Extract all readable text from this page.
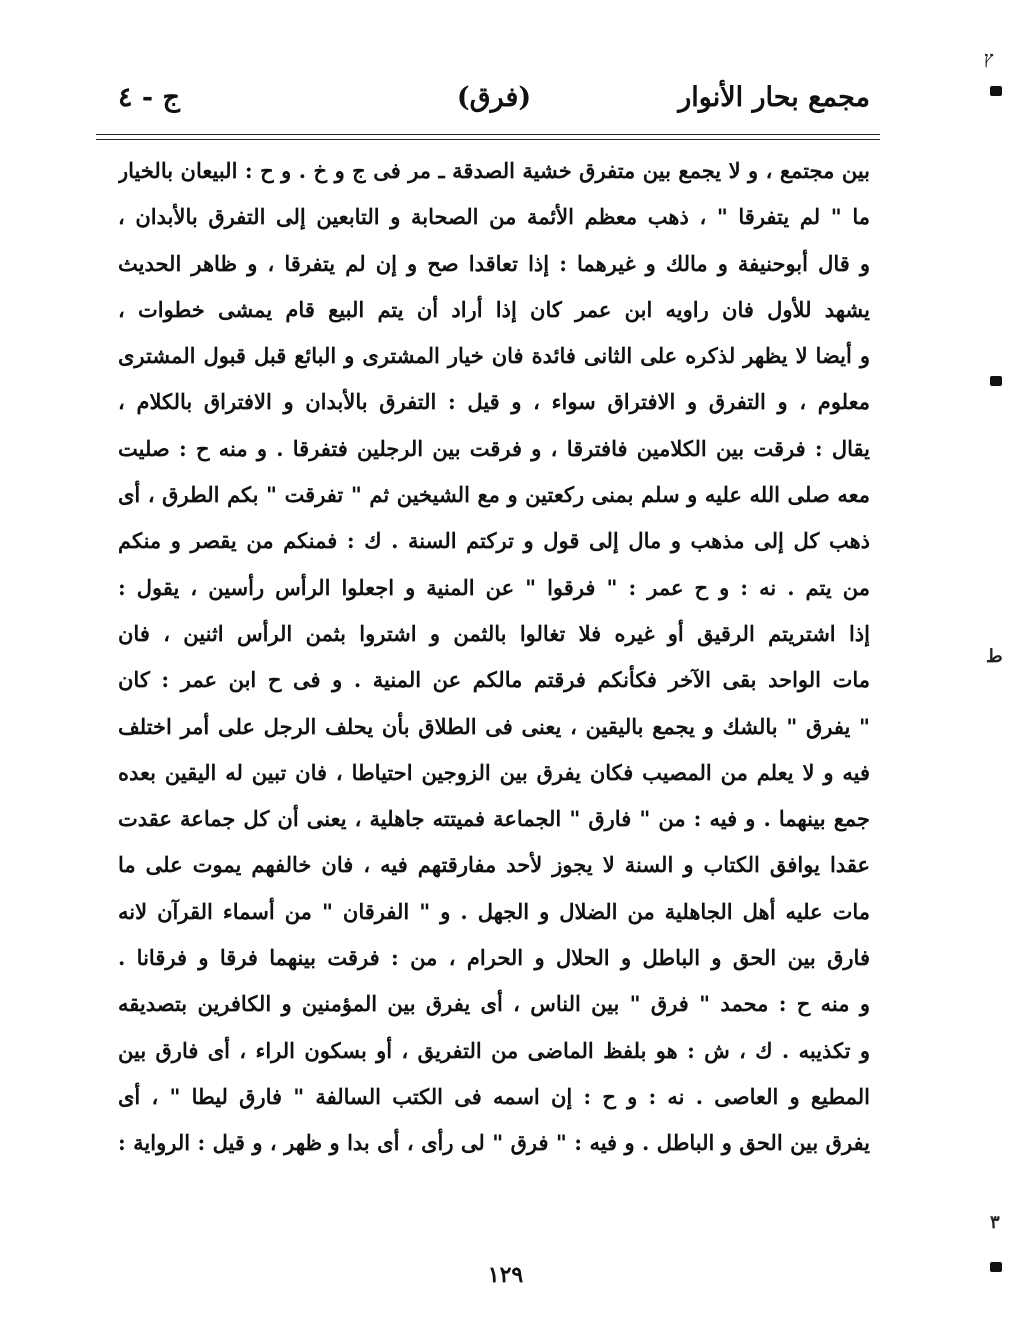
مجمع بحار الأنوار
(فرق)
ج - ٤
بين مجتمع ، و لا يجمع بين متفرق خشية الصدقة ـ مر فى ج و خ . و ح : البيعان بالخيار
ما " لم يتفرقا " ، ذهب معظم الأئمة من الصحابة و التابعين إلى التفرق بالأبدان ،
و قال أبوحنيفة و مالك و غيرهما : إذا تعاقدا صح و إن لم يتفرقا ، و ظاهر الحديث
يشهد للأول فان راويه ابن عمر كان إذا أراد أن يتم البيع قام يمشى خطوات ،
و أيضا لا يظهر لذكره على الثانى فائدة فان خيار المشترى و البائع قبل قبول المشترى
معلوم ، و التفرق و الافتراق سواء ، و قيل : التفرق بالأبدان و الافتراق بالكلام ،
يقال : فرقت بين الكلامين فافترقا ، و فرقت بين الرجلين فتفرقا . و منه ح : صليت
معه صلى الله عليه و سلم بمنى ركعتين و مع الشيخين ثم " تفرقت " بكم الطرق ، أى
ذهب كل إلى مذهب و مال إلى قول و تركتم السنة . ك : فمنكم من يقصر و منكم
من يتم . نه : و ح عمر : " فرقوا " عن المنية و اجعلوا الرأس رأسين ، يقول :
إذا اشتريتم الرقيق أو غيره فلا تغالوا بالثمن و اشتروا بثمن الرأس اثنين ، فان
مات الواحد بقى الآخر فكأنكم فرقتم مالكم عن المنية . و فى ح ابن عمر : كان
" يفرق " بالشك و يجمع باليقين ، يعنى فى الطلاق بأن يحلف الرجل على أمر اختلف
فيه و لا يعلم من المصيب فكان يفرق بين الزوجين احتياطا ، فان تبين له اليقين بعده
جمع بينهما . و فيه : من " فارق " الجماعة فميتته جاهلية ، يعنى أن كل جماعة عقدت
عقدا يوافق الكتاب و السنة لا يجوز لأحد مفارقتهم فيه ، فان خالفهم يموت على ما
مات عليه أهل الجاهلية من الضلال و الجهل . و " الفرقان " من أسماء القرآن لانه
فارق بين الحق و الباطل و الحلال و الحرام ، من : فرقت بينهما فرقا و فرقانا .
و منه ح : محمد " فرق " بين الناس ، أى يفرق بين المؤمنين و الكافرين بتصديقه
و تكذيبه . ك ، ش : هو بلفظ الماضى من التفريق ، أو بسكون الراء ، أى فارق بين
المطيع و العاصى . نه : و ح : إن اسمه فى الكتب السالفة " فارق ليطا " ، أى
يفرق بين الحق و الباطل . و فيه : " فرق " لى رأى ، أى بدا و ظهر ، و قيل : الرواية :
١٢٩
ץ
ط
٣
